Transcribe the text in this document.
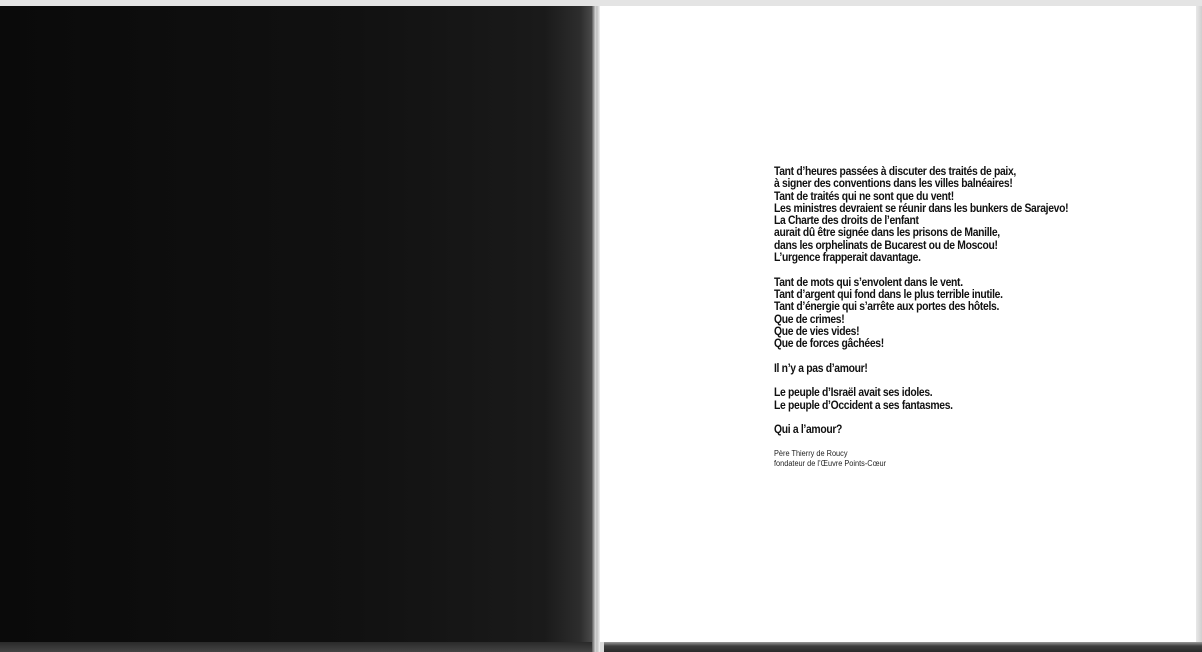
Tant d’heures passées à discuter des traités de paix,
à signer des conventions dans les villes balnéaires!
Tant de traités qui ne sont que du vent!
Les ministres devraient se réunir dans les bunkers de Sarajevo!
La Charte des droits de l’enfant
aurait dû être signée dans les prisons de Manille,
dans les orphelinats de Bucarest ou de Moscou!
L’urgence frapperait davantage.
Tant de mots qui s’envolent dans le vent.
Tant d’argent qui fond dans le plus terrible inutile.
Tant d’énergie qui s’arrête aux portes des hôtels.
Que de crimes!
Que de vies vides!
Que de forces gâchées!
Il n’y a pas d’amour!
Le peuple d’Israël avait ses idoles.
Le peuple d’Occident a ses fantasmes.
Qui a l’amour?
Père Thierry de Roucy
fondateur de l’Œuvre Points-Cœur
